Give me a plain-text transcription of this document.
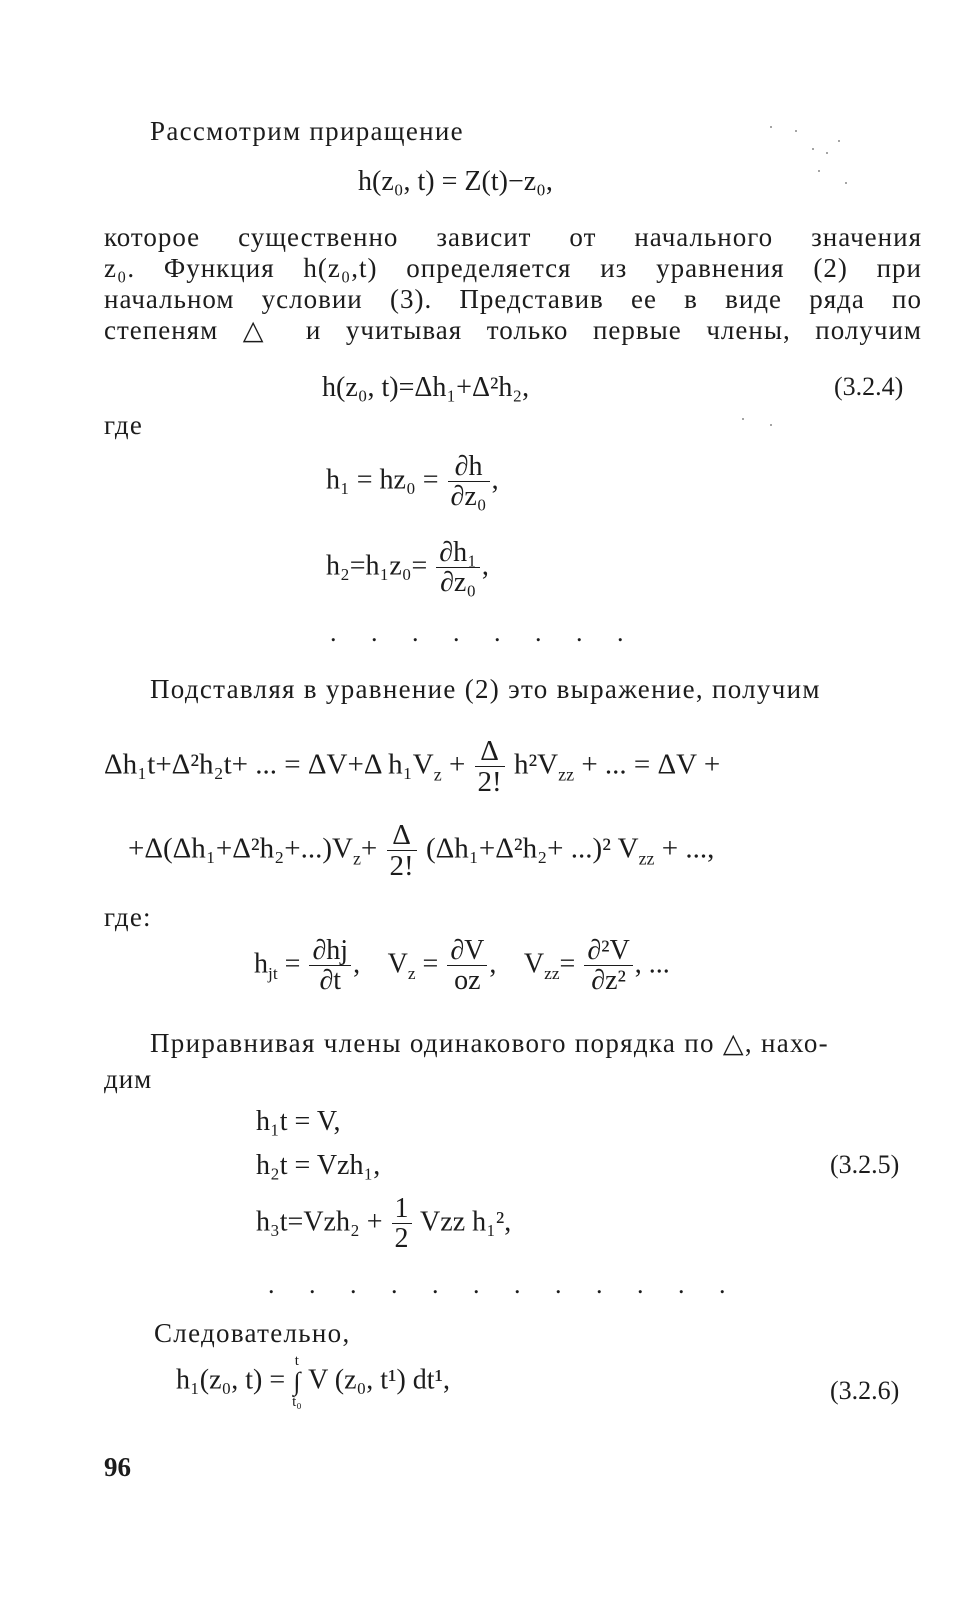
Рассмотрим приращение
h(z₀, t) = Z(t)−z₀,
которое существенно зависит от начального значения
z₀. Функция h(z₀,t) определяется из уравнения (2) при
начальном условии (3). Представив ее в виде ряда по
степеням △ и учитывая только первые члены, получим
h(z₀, t)=Δh₁+Δ²h₂,	(3.2.4)
где
$h_1 = hz_0 = \frac{\partial h}{\text{∂z₀}}$ ,
$h_2=h_1z_0= \frac{\text{∂h₁}}{\text{∂z₀}}$ ,
. . . . . . . .
Подставляя в уравнение (2) это выражение, получим
Δh₁t+Δ²h₂t+ ... = ΔV+Δ $h_1V_z + \frac{\Delta}{2!} h^2V_{zz}$ + ... = ΔV +
$+\Delta(\Delta h_1+\Delta^2h_2+...)V_z+ \frac{\Delta}{2!} (\Delta h_1+\Delta^2h_2+ ...)^2$ $V_{zz}$ + ...,
где:
$h_{jt} = \frac{\partial hj}{\partial t}$ ,    $V_z = \frac{\partial V}{oz}$ ,    $V_{zz}= \frac{\text{∂²V}}{\text{∂z²}}$ , ...
Приравнивая члены одинакового порядка по △, нахо-
дим
h₁t = V,
h₂t = Vzh₁,	(3.2.5)
$h_3t=Vzh_2 + \frac{1}{2}$ Vzz h₁²,
. . . . . . . . . . . .
Следовательно,
h₁(z₀, t) =
t
∫
t₀
V (z₀, t¹) dt¹,	(3.2.6)
96
